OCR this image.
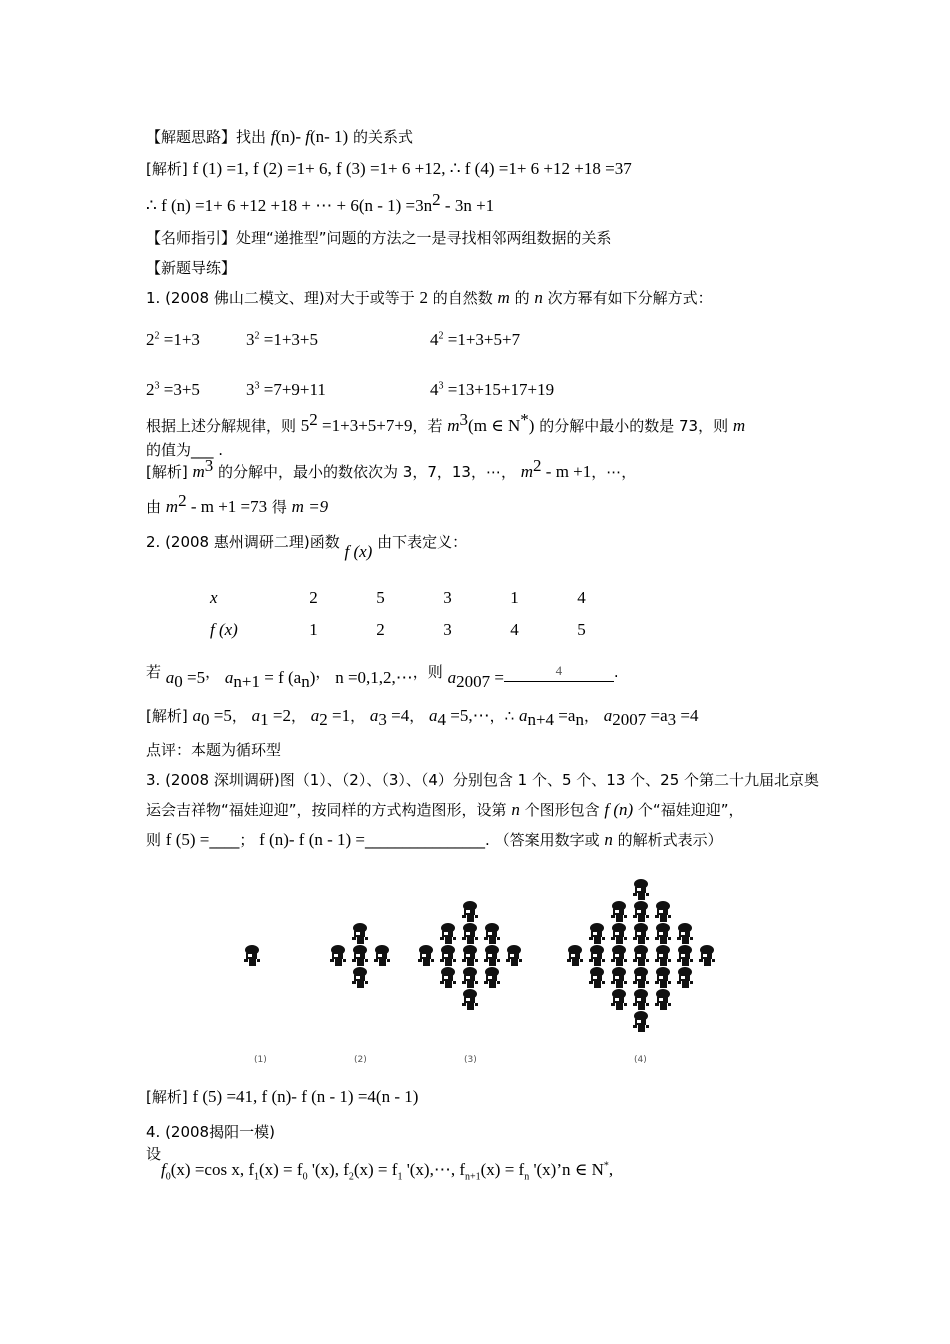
【解题思路】找出 f(n)- f(n- 1) 的关系式
[解析] f (1) =1, f (2) =1+ 6, f (3) =1+ 6 +12, ∴ f (4) =1+ 6 +12 +18 =37
∴ f (n) =1+ 6 +12 +18 + ⋯ + $6(n - 1) =3n^2 - 3n +1$
【名师指引】处理“递推型”问题的方法之一是寻找相邻两组数据的关系
【新题导练】
1. (2008 佛山二模文、理)对大于或等于 2 的自然数 m 的 n 次方幂有如下分解方式：
$2^2 =1+3$	$3^2 =1+3+5$	$4^2 =1+3+5+7$
$2^3 =3+5$	$3^3 =7+9+11$	$4^3 =13+15+17+19$
根据上述分解规律，则 $5^2 =1+3+5+7+9$，若 $m^3(m$ ∈ N*) 的分解中最小的数是 73，则 m
的值为___ .
[解析] $m^3$ 的分解中，最小的数依次为 3，7，13，⋯， $m^2 - m +1$，⋯，
由 $m^2 - m +1 =73$ 得 m =9
2. (2008 惠州调研二理)函数 f (x) 由下表定义：
x	2	5	3	1	4
f (x)	1	2	3	4	5
若 $a_0 =5$， $a_{n+1} = f$ $(a_n)$， n =0,1,2,⋯，则 $a_{2007}$ =	4	.
[解析] $a_0 =5$， $a_1 =2$， $a_2 =1$， $a_3 =4$， $a_4$ =5,⋯，∴ $a_{n+4} =a_n$， $a_{2007} =a_3 =4$
点评：本题为循环型
3. (2008 深圳调研)图（1）、（2）、（3）、（4）分别包含 1 个、5 个、13 个、25 个第二十九届北京奥
运会吉祥物“福娃迎迎”，按同样的方式构造图形，设第 n 个图形包含 f (n) 个“福娃迎迎”，
则 f (5) =____； f (n)- f (n - 1) =________________. （答案用数字或 n 的解析式表示）
(1)	(2)	(3)	(4)
[解析] f (5) =41, f (n)- f (n - 1) =4(n - 1)
4. (2008揭阳一模)
设$f_0(x) =\cos$ x, $f_1(x) = f_0$ '(x), $f_2(x) = f_1$ '(x),⋯, $f_{n+1}(x) = f_n$ '(x)’n ∈ N*,
